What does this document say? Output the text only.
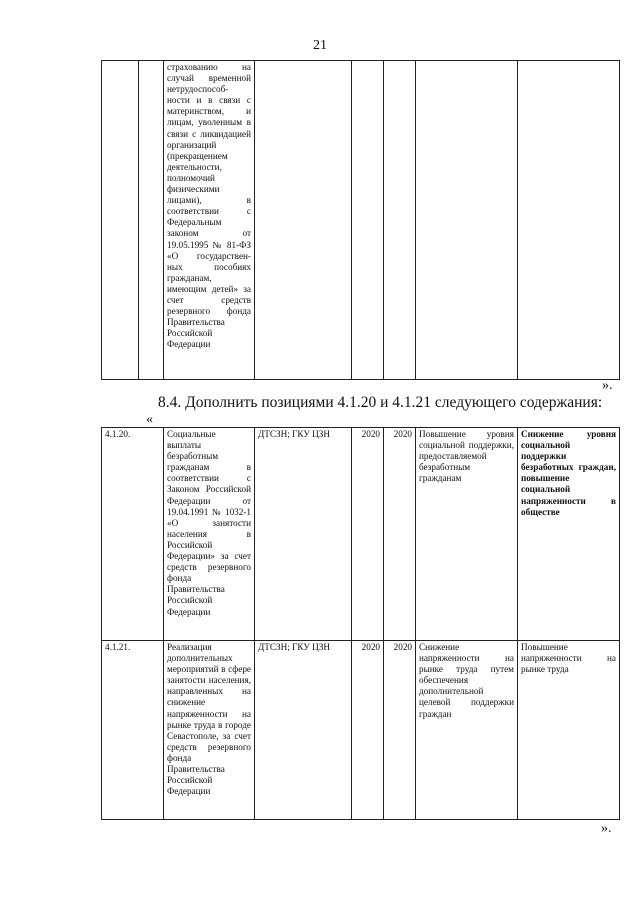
21
		страхованию на случай временной нетрудоспособ- ности и в связи с материнством, и лицам, уволенным в связи с ликвидацией организаций (прекращением деятельности, полномочий физическими лицами), в соответствии с Федеральным законом от 19.05.1995 № 81-ФЗ «О государствен- ных пособиях гражданам, имеющим детей» за счет средств резервного фонда Правительства Российской Федерации					
».
8.4. Дополнить позициями 4.1.20 и 4.1.21 следующего содержания:
«
4.1.20.	Социальные выплаты безработным гражданам в соответствии с Законом Российской Федерации от 19.04.1991 № 1032-1 «О занятости населения в Российской Федерации» за счет средств резервного фонда Правительства Российской Федерации	ДТСЗН; ГКУ ЦЗН	2020	2020	Повышение уровня социальной поддержки, предоставляемой безработным гражданам	Снижение уровня социальной поддержки безработных граждан, повышение социальной напряженности в обществе
4.1.21.	Реализация дополнительных мероприятий в сфере занятости населения, направленных на снижение напряженности на рынке труда в городе Севастополе, за счет средств резервного фонда Правительства Российской Федерации	ДТСЗН; ГКУ ЦЗН	2020	2020	Снижение напряженности на рынке труда путем обеспечения дополнительной целевой поддержки граждан	Повышение напряженности на рынке труда
».
